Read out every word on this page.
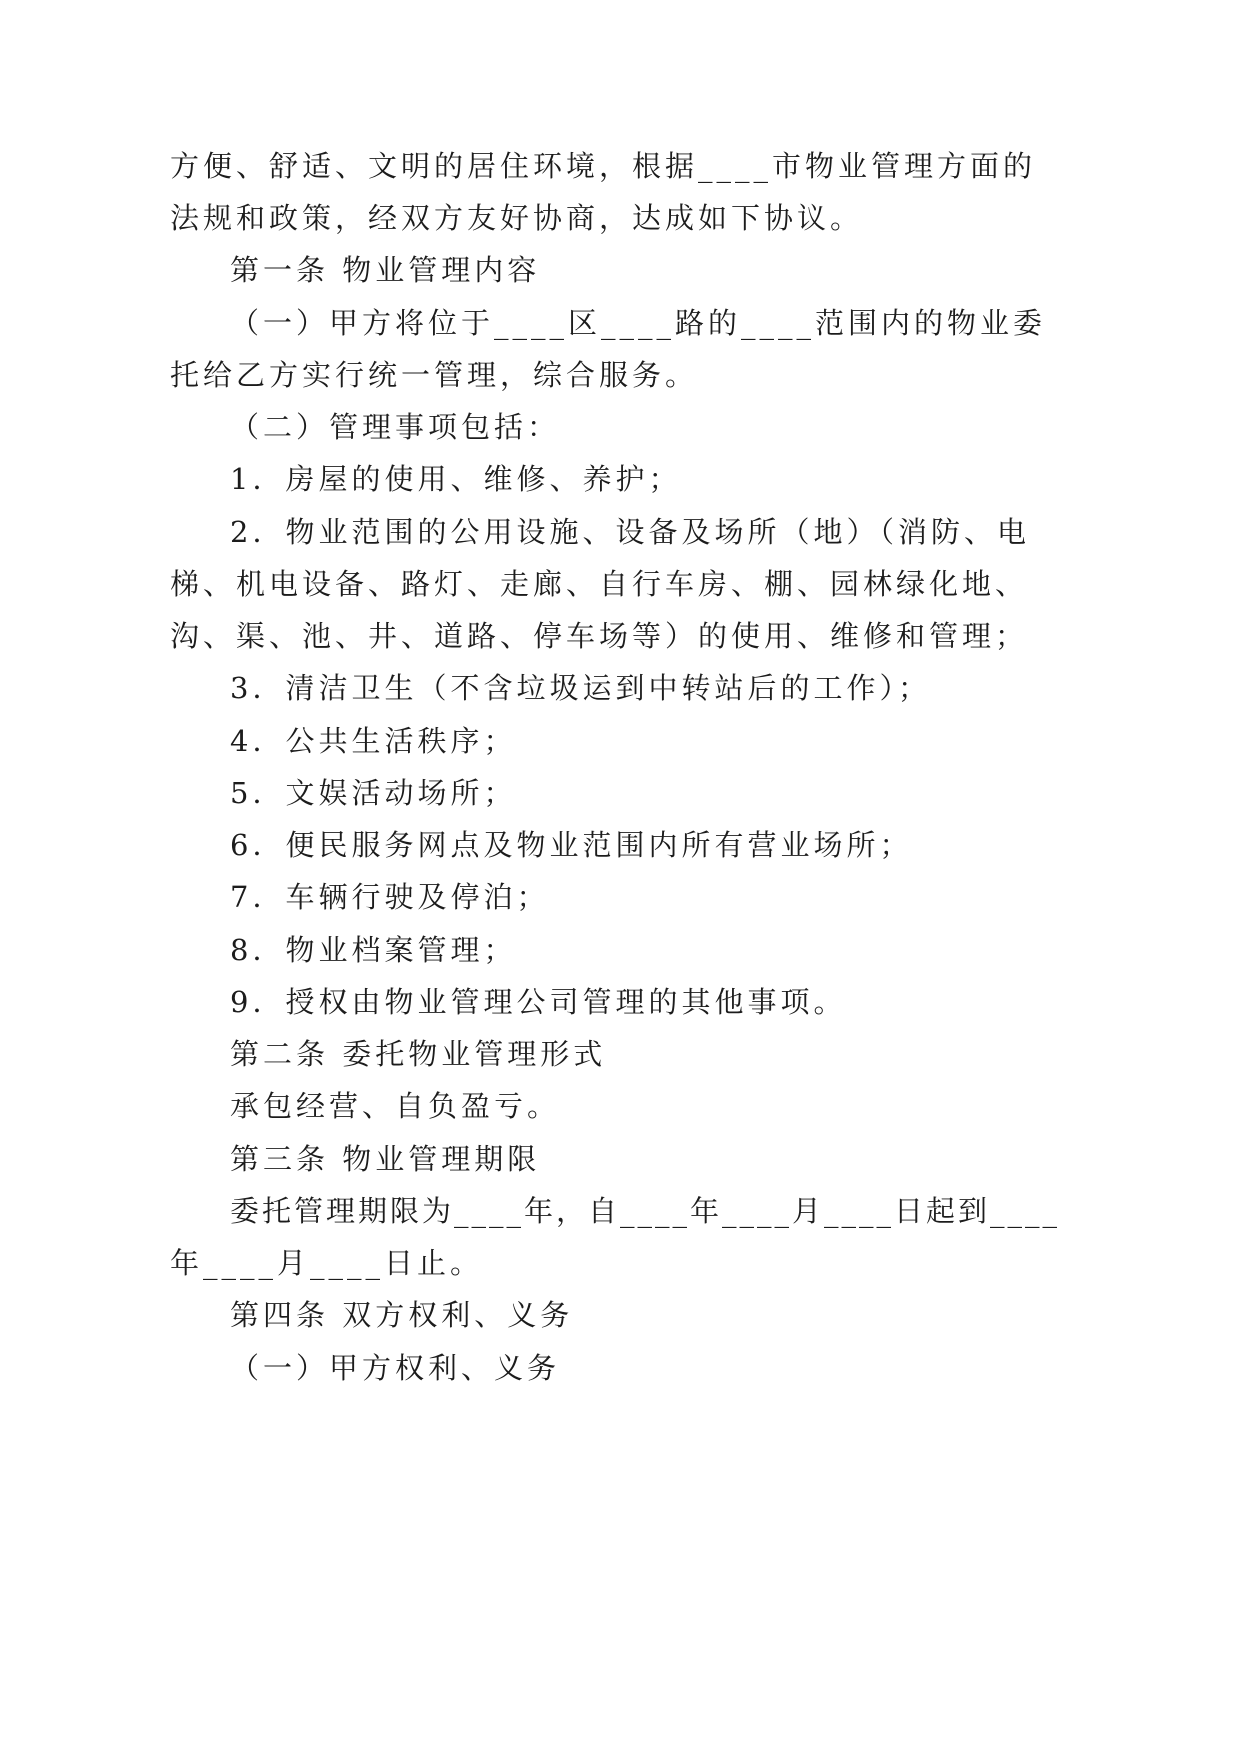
方便、舒适、文明的居住环境，根据____市物业管理方面的
法规和政策，经双方友好协商，达成如下协议。
第一条 物业管理内容
（一）甲方将位于____区____路的____范围内的物业委
托给乙方实行统一管理，综合服务。
（二）管理事项包括：
1．房屋的使用、维修、养护；
2．物业范围的公用设施、设备及场所（地）（消防、电
梯、机电设备、路灯、走廊、自行车房、棚、园林绿化地、
沟、渠、池、井、道路、停车场等）的使用、维修和管理；
3．清洁卫生（不含垃圾运到中转站后的工作）；
4．公共生活秩序；
5．文娱活动场所；
6．便民服务网点及物业范围内所有营业场所；
7．车辆行驶及停泊；
8．物业档案管理；
9．授权由物业管理公司管理的其他事项。
第二条 委托物业管理形式
承包经营、自负盈亏。
第三条 物业管理期限
委托管理期限为____年，自____年____月____日起到____
年____月____日止。
第四条 双方权利、义务
（一）甲方权利、义务
